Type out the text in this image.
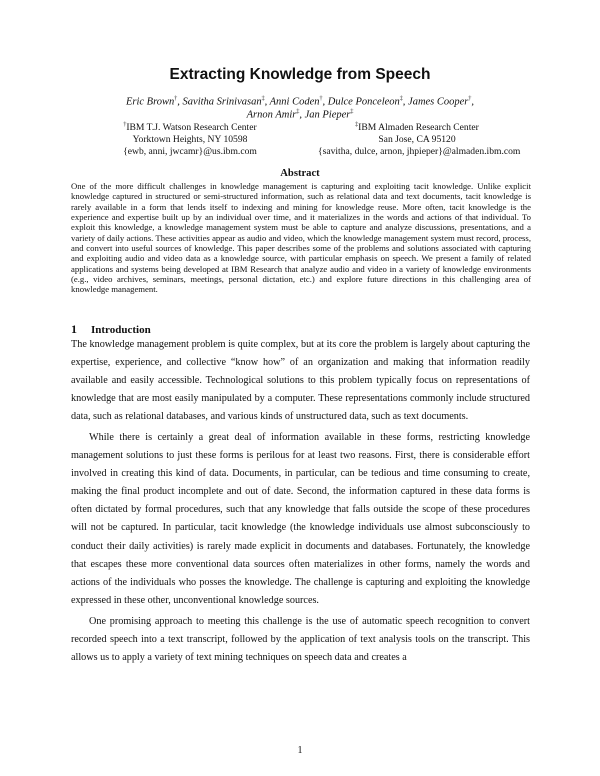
Extracting Knowledge from Speech
Eric Brown†, Savitha Srinivasan‡, Anni Coden†, Dulce Ponceleon‡, James Cooper†,
Arnon Amir‡, Jan Pieper‡
†IBM T.J. Watson Research Center
Yorktown Heights, NY 10598
{ewb, anni, jwcamr}@us.ibm.com
‡IBM Almaden Research Center
San Jose, CA 95120
{savitha, dulce, arnon, jhpieper}@almaden.ibm.com
Abstract
One of the more difficult challenges in knowledge management is capturing and exploiting tacit knowledge. Unlike explicit knowledge captured in structured or semi-structured information, such as relational data and text documents, tacit knowledge is rarely available in a form that lends itself to indexing and mining for knowledge reuse. More often, tacit knowledge is the experience and expertise built up by an individual over time, and it materializes in the words and actions of that individual. To exploit this knowledge, a knowledge management system must be able to capture and analyze discussions, presentations, and a variety of daily actions. These activities appear as audio and video, which the knowledge management system must record, process, and convert into useful sources of knowledge. This paper describes some of the problems and solutions associated with capturing and exploiting audio and video data as a knowledge source, with particular emphasis on speech. We present a family of related applications and systems being developed at IBM Research that analyze audio and video in a variety of knowledge environments (e.g., video archives, seminars, meetings, personal dictation, etc.) and explore future directions in this challenging area of knowledge management.
1 Introduction

The knowledge management problem is quite complex, but at its core the problem is largely about capturing the expertise, experience, and collective “know how” of an organization and making that information readily available and easily accessible. Technological solutions to this problem typically focus on representations of knowledge that are most easily manipulated by a computer. These representations commonly include structured data, such as relational databases, and various kinds of unstructured data, such as text documents.

While there is certainly a great deal of information available in these forms, restricting knowledge management solutions to just these forms is perilous for at least two reasons. First, there is considerable effort involved in creating this kind of data. Documents, in particular, can be tedious and time consuming to create, making the final product incomplete and out of date. Second, the information captured in these data forms is often dictated by formal procedures, such that any knowledge that falls outside the scope of these procedures will not be captured. In particular, tacit knowledge (the knowledge individuals use almost subconsciously to conduct their daily activities) is rarely made explicit in documents and databases. Fortunately, the knowledge that escapes these more conventional data sources often materializes in other forms, namely the words and actions of the individuals who posses the knowledge. The challenge is capturing and exploiting the knowledge expressed in these other, unconventional knowledge sources.

One promising approach to meeting this challenge is the use of automatic speech recognition to convert recorded speech into a text transcript, followed by the application of text analysis tools on the transcript. This allows us to apply a variety of text mining techniques on speech data and creates a

1
